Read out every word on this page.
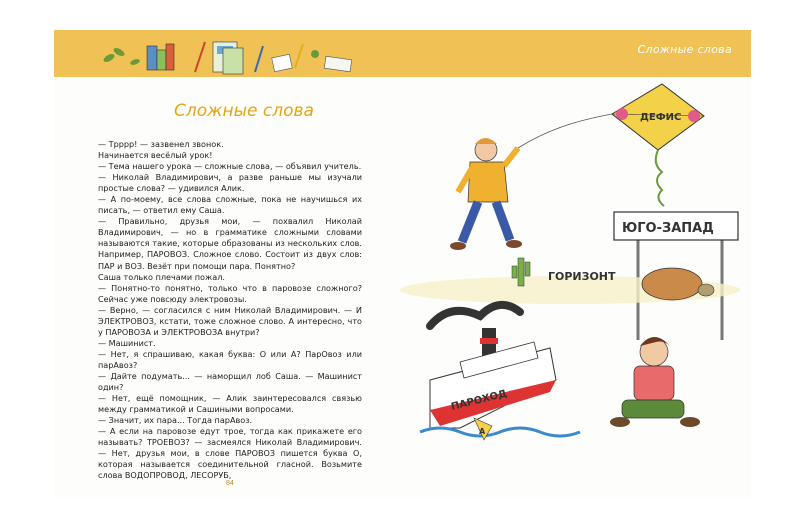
Сложные слова
Сложные слова

— Трррр! — зазвенел звонок.

Начинается весёлый урок!

— Тема нашего урока — сложные слова, — объявил учитель.

— Николай Владимирович, а разве раньше мы изучали простые слова? — удивился Алик.

— А по-моему, все слова сложные, пока не научишься их писать, — ответил ему Саша.

— Правильно, друзья мои, — похвалил Николай Владимирович, — но в грамматике сложными словами называются такие, которые образованы из нескольких слов. Например, ПАРОВОЗ. Сложное слово. Состоит из двух слов: ПАР и ВОЗ. Везёт при помощи пара. Понятно?

Саша только плечами пожал.

— Понятно-то понятно, только что в паровозе сложного? Сейчас уже повсюду электровозы.

— Верно, — согласился с ним Николай Владимирович. — И ЭЛЕКТРОВОЗ, кстати, тоже сложное слово. А интересно, что у ПАРОВОЗА и ЭЛЕКТРОВОЗА внутри?

— Машинист.

— Нет, я спрашиваю, какая буква: О или А? ПарОвоз или парАвоз?

— Дайте подумать... — наморщил лоб Саша. — Машинист один?

— Нет, ещё помощник, — Алик заинтересовался связью между грамматикой и Сашиными вопросами.

— Значит, их пара... Тогда парАвоз.

— А если на паровозе едут трое, тогда как прикажете его называть? ТРОЕВОЗ? — засмеялся Николай Владимирович. — Нет, друзья мои, в слове ПАРОВОЗ пишется буква О, которая называется соединительной гласной. Возьмите слова ВОДОПРОВОД, ЛЕСОРУБ,

84
ДЕФИС
ЮГО-ЗАПАД
ГОРИЗОНТ
ПАРОХОД
А
